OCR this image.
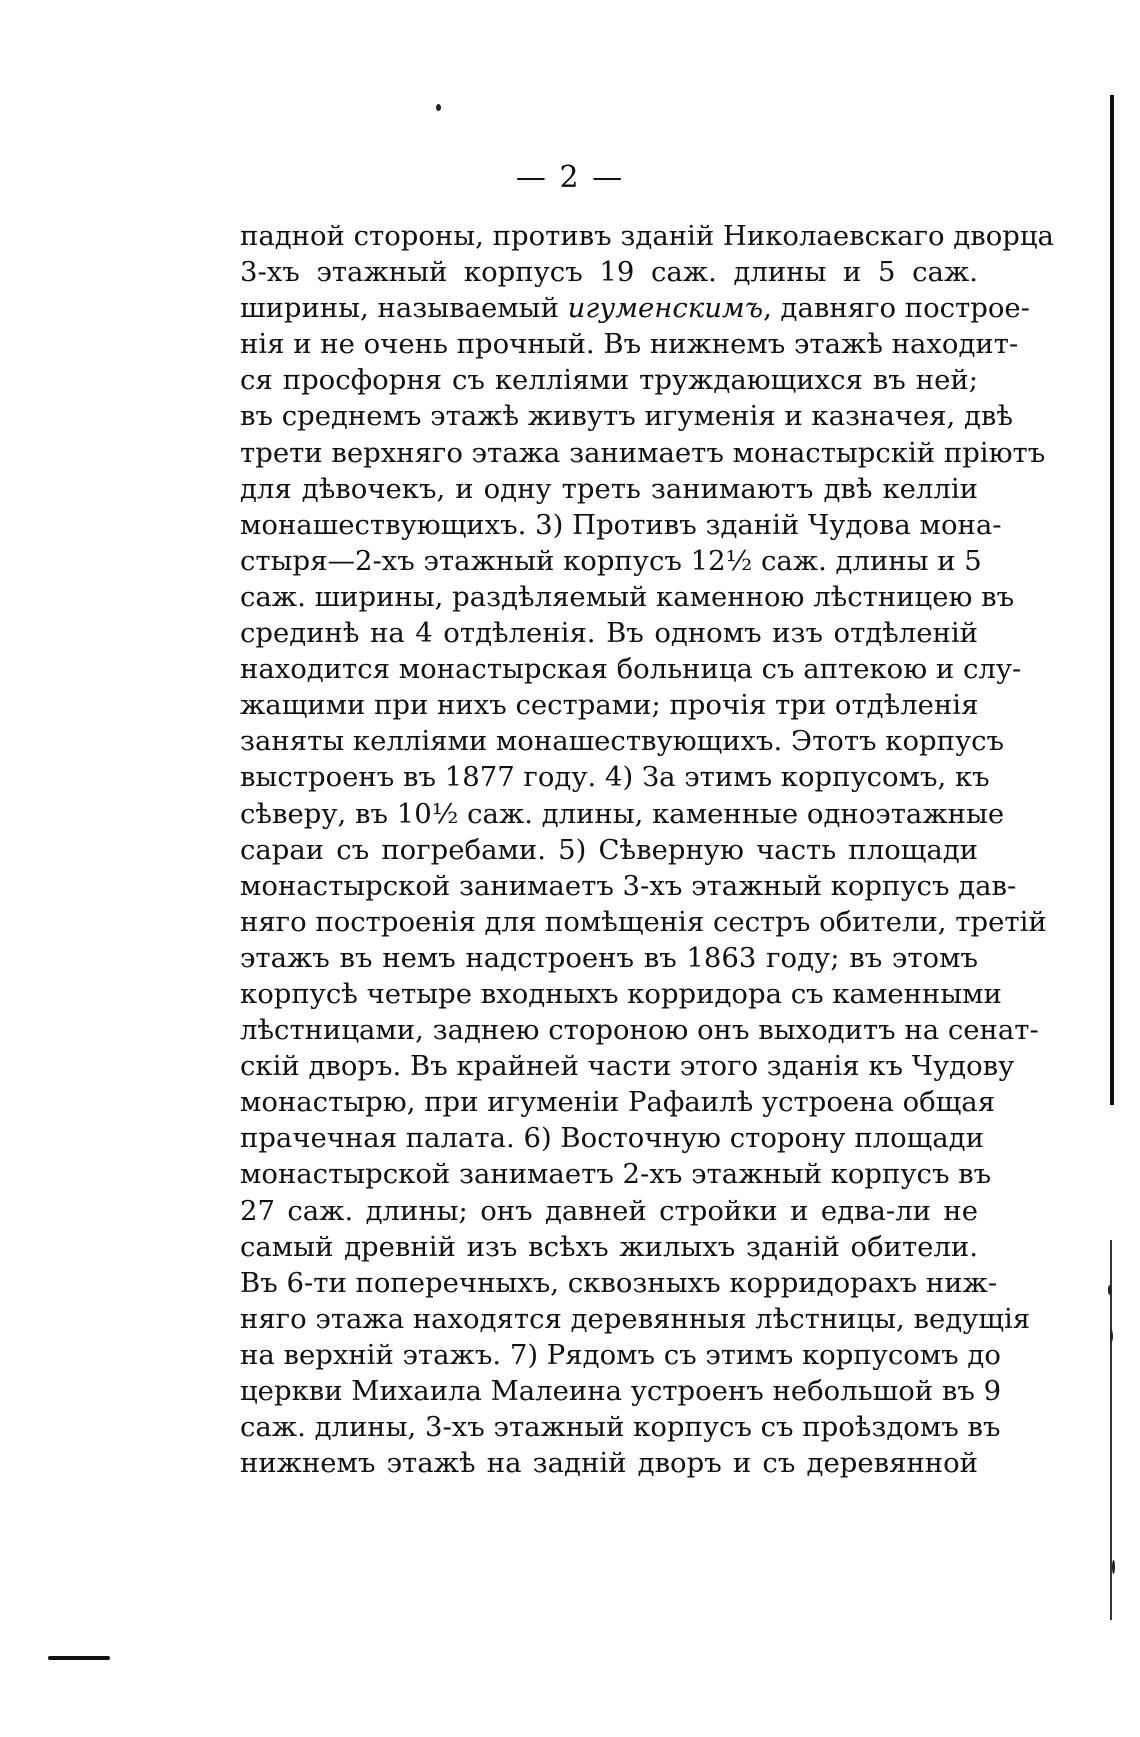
— 2 —
падной стороны, противъ зданій Николаевскаго дворца
3-хъ этажный корпусъ 19 саж. длины и 5 саж.
ширины, называемый игуменскимъ, давняго построе-
нія и не очень прочный. Въ нижнемъ этажѣ находит-
ся просфорня съ келліями труждающихся въ ней;
въ среднемъ этажѣ живутъ игуменія и казначея, двѣ
трети верхняго этажа занимаетъ монастырскій пріютъ
для дѣвочекъ, и одну треть занимаютъ двѣ келліи
монашествующихъ. 3) Противъ зданій Чудова мона-
стыря—2-хъ этажный корпусъ 12½ саж. длины и 5
саж. ширины, раздѣляемый каменною лѣстницею въ
срединѣ на 4 отдѣленія. Въ одномъ изъ отдѣленій
находится монастырская больница съ аптекою и слу-
жащими при нихъ сестрами; прочія три отдѣленія
заняты келліями монашествующихъ. Этотъ корпусъ
выстроенъ въ 1877 году. 4) За этимъ корпусомъ, къ
сѣверу, въ 10½ саж. длины, каменные одноэтажные
сараи съ погребами. 5) Сѣверную часть площади
монастырской занимаетъ 3-хъ этажный корпусъ дав-
няго построенія для помѣщенія сестръ обители, третій
этажъ въ немъ надстроенъ въ 1863 году; въ этомъ
корпусѣ четыре входныхъ корридора съ каменными
лѣстницами, заднею стороною онъ выходитъ на сенат-
скій дворъ. Въ крайней части этого зданія къ Чудову
монастырю, при игуменіи Рафаилѣ устроена общая
прачечная палата. 6) Восточную сторону площади
монастырской занимаетъ 2-хъ этажный корпусъ въ
27 саж. длины; онъ давней стройки и едва-ли не
самый древній изъ всѣхъ жилыхъ зданій обители.
Въ 6-ти поперечныхъ, сквозныхъ корридорахъ ниж-
няго этажа находятся деревянныя лѣстницы, ведущія
на верхній этажъ. 7) Рядомъ съ этимъ корпусомъ до
церкви Михаила Малеина устроенъ небольшой въ 9
саж. длины, 3-хъ этажный корпусъ съ проѣздомъ въ
нижнемъ этажѣ на задній дворъ и съ деревянной
